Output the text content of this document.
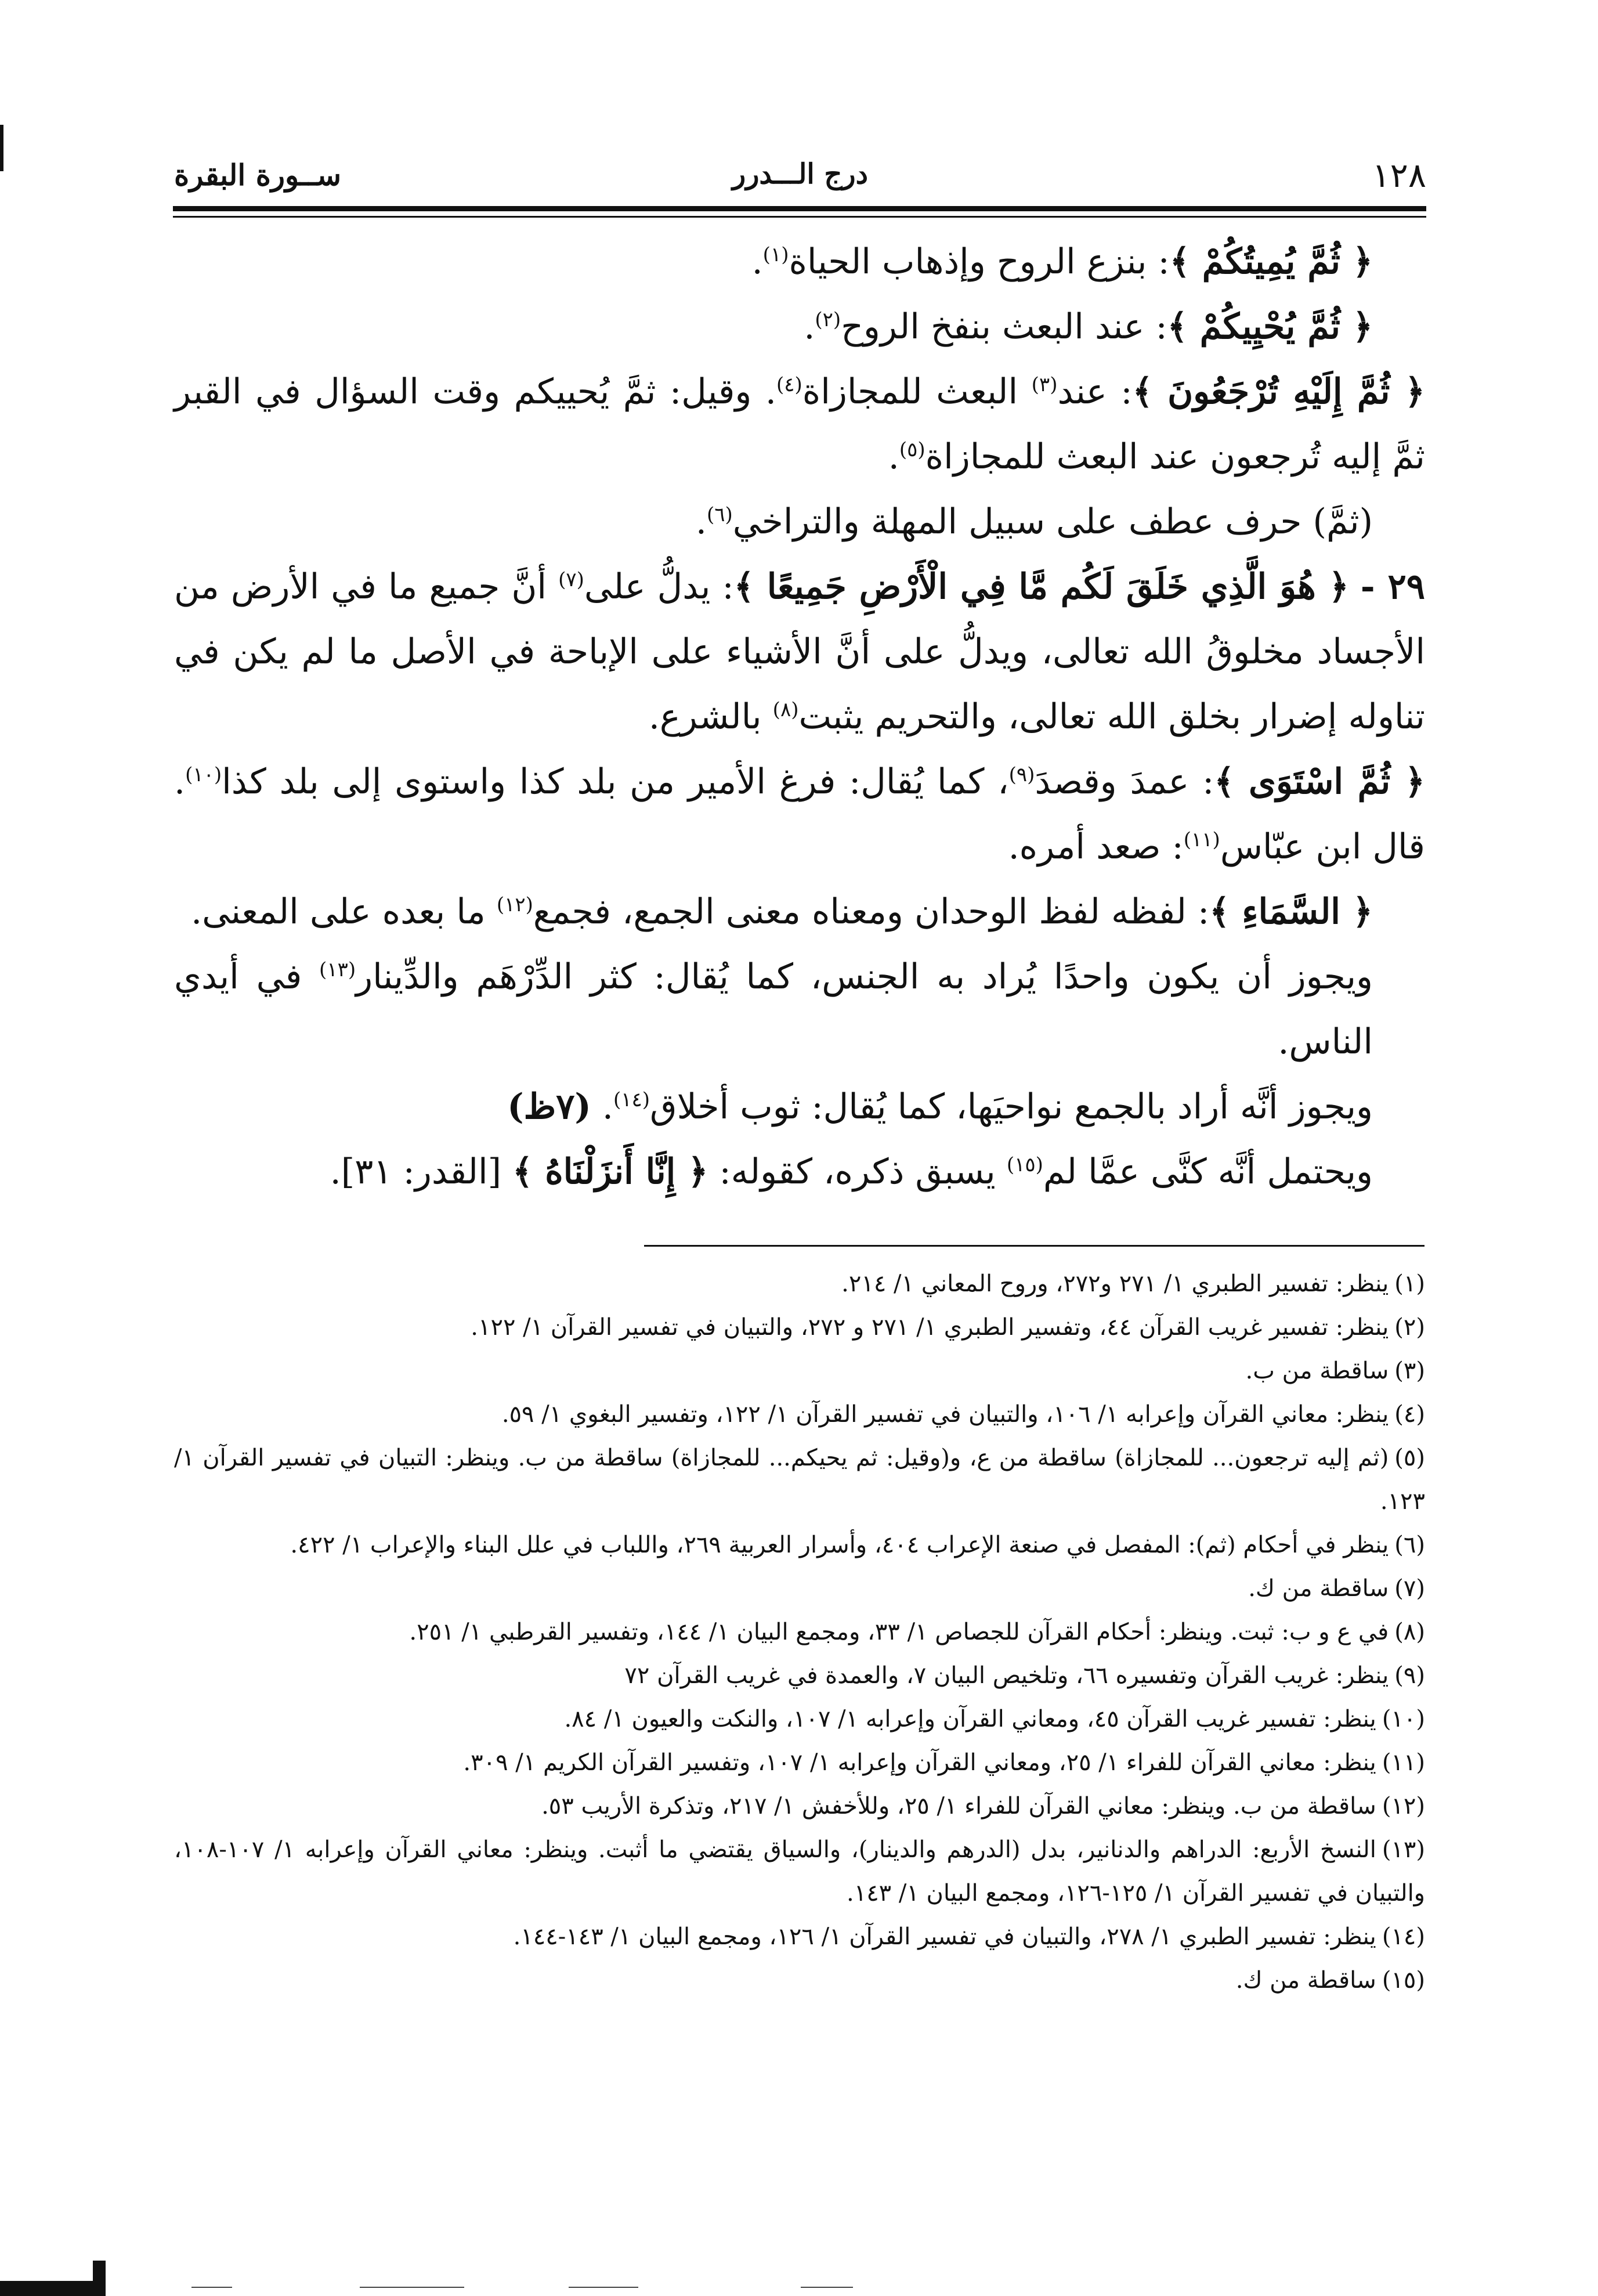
١٢٨
درج الـــدرر
ســورة البقرة

﴿ ثُمَّ يُمِيتُكُمْ ﴾: بنزع الروح وإذهاب الحياة$^{(١)}$.

﴿ ثُمَّ يُحْيِيكُمْ ﴾: عند البعث بنفخ الروح$^{(٢)}$.

﴿ ثُمَّ إِلَيْهِ تُرْجَعُونَ ﴾: عند$^{(٣)}$ البعث للمجازاة$^{(٤)}$. وقيل: ثمَّ يُحييكم وقت السؤال في القبر ثمَّ إليه تُرجعون عند البعث للمجازاة$^{(٥)}$.

(ثمَّ) حرف عطف على سبيل المهلة والتراخي$^{(٦)}$.

٢٩ - ﴿ هُوَ الَّذِي خَلَقَ لَكُم مَّا فِي الْأَرْضِ جَمِيعًا ﴾: يدلُّ على$^{(٧)}$ أنَّ جميع ما في الأرض من الأجساد مخلوقُ الله تعالى، ويدلُّ على أنَّ الأشياء على الإباحة في الأصل ما لم يكن في تناوله إضرار بخلق الله تعالى، والتحريم يثبت$^{(٨)}$ بالشرع.

﴿ ثُمَّ اسْتَوَى ﴾: عمدَ وقصدَ$^{(٩)}$، كما يُقال: فرغ الأمير من بلد كذا واستوى إلى بلد كذا$^{(١٠)}$. قال ابن عبّاس$^{(١١)}$: صعد أمره.

﴿ السَّمَاءِ ﴾: لفظه لفظ الوحدان ومعناه معنى الجمع، فجمع$^{(١٢)}$ ما بعده على المعنى.

ويجوز أن يكون واحدًا يُراد به الجنس، كما يُقال: كثر الدِّرْهَم والدِّينار$^{(١٣)}$ في أيدي الناس.

ويجوز أنَّه أراد بالجمع نواحيَها، كما يُقال: ثوب أخلاق$^{(١٤)}$. (٧ظ)

ويحتمل أنَّه كنَّى عمَّا لم$^{(١٥)}$ يسبق ذكره، كقوله: ﴿ إِنَّا أَنزَلْنَاهُ ﴾ [القدر: ٣١].

(١)ينظر: تفسير الطبري ١/ ٢٧١ و٢٧٢، وروح المعاني ١/ ٢١٤.

(٢)ينظر: تفسير غريب القرآن ٤٤، وتفسير الطبري ١/ ٢٧١ و ٢٧٢، والتبيان في تفسير القرآن ١/ ١٢٢.

(٣)ساقطة من ب.

(٤)ينظر: معاني القرآن وإعرابه ١/ ١٠٦، والتبيان في تفسير القرآن ١/ ١٢٢، وتفسير البغوي ١/ ٥٩.

(٥)(ثم إليه ترجعون... للمجازاة) ساقطة من ع، و(وقيل: ثم يحيكم... للمجازاة) ساقطة من ب. وينظر: التبيان في تفسير القرآن ١/ ١٢٣.

(٦)ينظر في أحكام (ثم): المفصل في صنعة الإعراب ٤٠٤، وأسرار العربية ٢٦٩، واللباب في علل البناء والإعراب ١/ ٤٢٢.

(٧)ساقطة من ك.

(٨)في ع و ب: ثبت. وينظر: أحكام القرآن للجصاص ١/ ٣٣، ومجمع البيان ١/ ١٤٤، وتفسير القرطبي ١/ ٢٥١.

(٩)ينظر: غريب القرآن وتفسيره ٦٦، وتلخيص البيان ٧، والعمدة في غريب القرآن ٧٢

(١٠)ينظر: تفسير غريب القرآن ٤٥، ومعاني القرآن وإعرابه ١/ ١٠٧، والنكت والعيون ١/ ٨٤.

(١١)ينظر: معاني القرآن للفراء ١/ ٢٥، ومعاني القرآن وإعرابه ١/ ١٠٧، وتفسير القرآن الكريم ١/ ٣٠٩.

(١٢)ساقطة من ب. وينظر: معاني القرآن للفراء ١/ ٢٥، وللأخفش ١/ ٢١٧، وتذكرة الأريب ٥٣.

(١٣)النسخ الأربع: الدراهم والدنانير، بدل (الدرهم والدينار)، والسياق يقتضي ما أثبت. وينظر: معاني القرآن وإعرابه ١/ ١٠٧-١٠٨، والتبيان في تفسير القرآن ١/ ١٢٥-١٢٦، ومجمع البيان ١/ ١٤٣.

(١٤)ينظر: تفسير الطبري ١/ ٢٧٨، والتبيان في تفسير القرآن ١/ ١٢٦، ومجمع البيان ١/ ١٤٣-١٤٤.

(١٥)ساقطة من ك.
